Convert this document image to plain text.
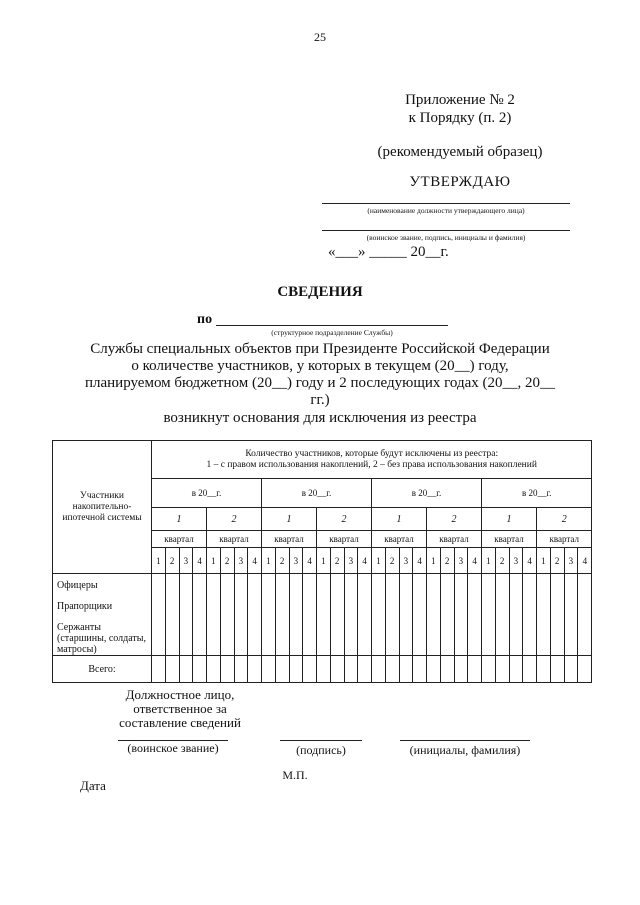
25
Приложение № 2
к Порядку (п. 2)
(рекомендуемый образец)
УТВЕРЖДАЮ
(наименование должности утверждающего лица)
(воинское звание, подпись, инициалы и фамилия)
«___» _____ 20__г.
СВЕДЕНИЯ
по
(структурное подразделение Службы)
Службы специальных объектов при Президенте Российской Федерации
о количестве участников, у которых в текущем (20__) году,
планируемом бюджетном (20__) году и 2 последующих годах (20__, 20__
гг.)
возникнут основания для исключения из реестра
Участники накопительно-ипотечной системы	Количество участников, которые будут исключены из реестра:
1 – с правом использования накоплений, 2 – без права использования накоплений																															

	в 20__г.								в 20__г.								в 20__г.								в 20__г.							
	1				2				1				2				1				2				1				2			
	квартал				квартал				квартал				квартал				квартал				квартал				квартал				квартал			
	1	2	3	4	1	2	3	4	1	2	3	4	1	2	3	4	1	2	3	4	1	2	3	4	1	2	3	4	1	2	3	4

Офицеры
Прапорщики
Сержанты (старшины, солдаты, матросы)																																

Всего:																																
Должностное лицо, ответственное за составление сведений
(воинское звание)	(подпись)	(инициалы, фамилия)
М.П.
Дата
